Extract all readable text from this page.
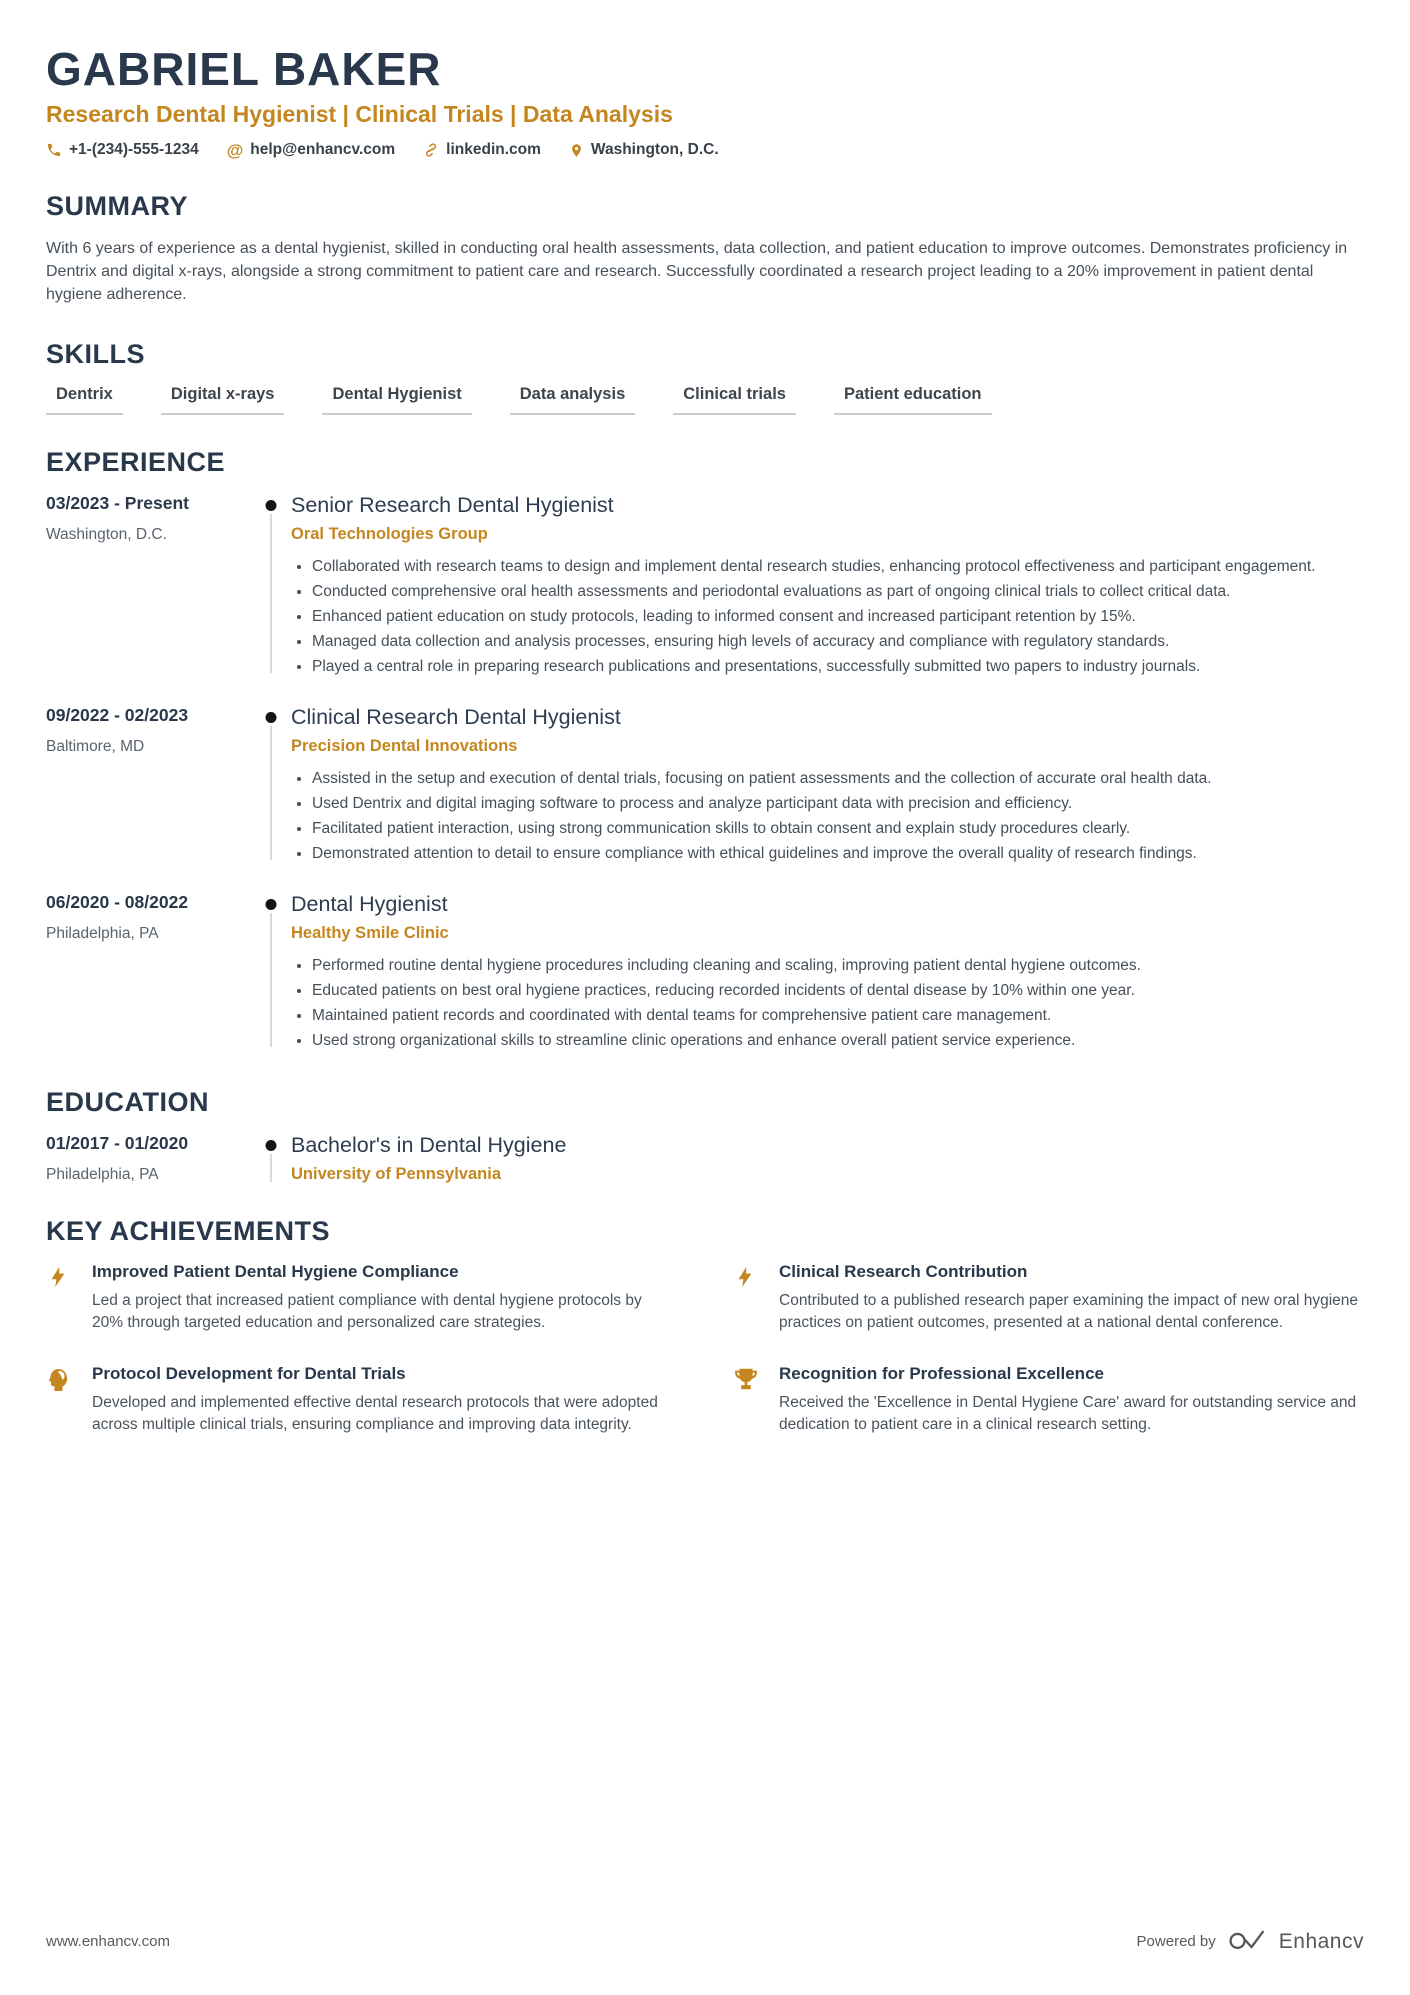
GABRIEL BAKER
Research Dental Hygienist | Clinical Trials | Data Analysis
+1-(234)-555-1234 @ help@enhancv.com	linkedin.com	Washington, D.C.
SUMMARY

With 6 years of experience as a dental hygienist, skilled in conducting oral health assessments, data collection, and patient education to improve outcomes. Demonstrates proficiency in Dentrix and digital x-rays, alongside a strong commitment to patient care and research. Successfully coordinated a research project leading to a 20% improvement in patient dental hygiene adherence.

SKILLS
Dentrix	Digital x-rays	Dental Hygienist	Data analysis	Clinical trials	Patient education
EXPERIENCE
03/2023 - Present
Washington, D.C.
Senior Research Dental Hygienist
Oral Technologies Group
• Collaborated with research teams to design and implement dental research studies, enhancing protocol effectiveness and participant engagement.
• Conducted comprehensive oral health assessments and periodontal evaluations as part of ongoing clinical trials to collect critical data.
• Enhanced patient education on study protocols, leading to informed consent and increased participant retention by 15%.
• Managed data collection and analysis processes, ensuring high levels of accuracy and compliance with regulatory standards.
• Played a central role in preparing research publications and presentations, successfully submitted two papers to industry journals.
09/2022 - 02/2023
Baltimore, MD
Clinical Research Dental Hygienist
Precision Dental Innovations
• Assisted in the setup and execution of dental trials, focusing on patient assessments and the collection of accurate oral health data.
• Used Dentrix and digital imaging software to process and analyze participant data with precision and efficiency.
• Facilitated patient interaction, using strong communication skills to obtain consent and explain study procedures clearly.
• Demonstrated attention to detail to ensure compliance with ethical guidelines and improve the overall quality of research findings.
06/2020 - 08/2022
Philadelphia, PA
Dental Hygienist
Healthy Smile Clinic
• Performed routine dental hygiene procedures including cleaning and scaling, improving patient dental hygiene outcomes.
• Educated patients on best oral hygiene practices, reducing recorded incidents of dental disease by 10% within one year.
• Maintained patient records and coordinated with dental teams for comprehensive patient care management.
• Used strong organizational skills to streamline clinic operations and enhance overall patient service experience.
EDUCATION
01/2017 - 01/2020
Philadelphia, PA
Bachelor's in Dental Hygiene
University of Pennsylvania
KEY ACHIEVEMENTS
Improved Patient Dental Hygiene Compliance

Led a project that increased patient compliance with dental hygiene protocols by 20% through targeted education and personalized care strategies.

Protocol Development for Dental Trials

Developed and implemented effective dental research protocols that were adopted across multiple clinical trials, ensuring compliance and improving data integrity.

Clinical Research Contribution

Contributed to a published research paper examining the impact of new oral hygiene practices on patient outcomes, presented at a national dental conference.

Recognition for Professional Excellence

Received the 'Excellence in Dental Hygiene Care' award for outstanding service and dedication to patient care in a clinical research setting.

www.enhancv.com	Powered by	Enhancv
